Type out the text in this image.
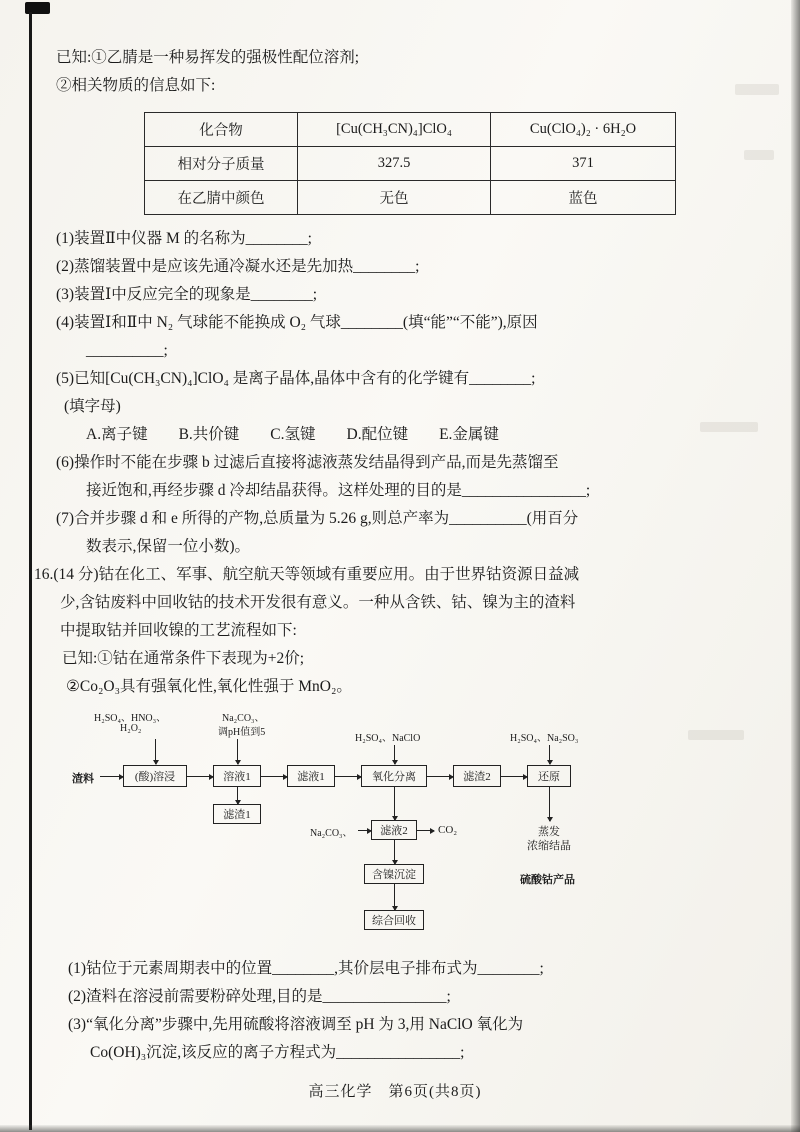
已知:①乙腈是一种易挥发的强极性配位溶剂;
②相关物质的信息如下:
化合物	[Cu(CH₃CN)₄]ClO₄	Cu(ClO₄)₂ · 6H₂O
相对分子质量	327.5	371
在乙腈中颜色	无色	蓝色
(1)装置Ⅱ中仪器 M 的名称为________;
(2)蒸馏装置中是应该先通冷凝水还是先加热________;
(3)装置Ⅰ中反应完全的现象是________;
(4)装置Ⅰ和Ⅱ中 N₂ 气球能不能换成 O₂ 气球________(填“能”“不能”),原因
__________;
(5)已知[Cu(CH₃CN)₄]ClO₄ 是离子晶体,晶体中含有的化学键有________;
(填字母)
A.离子键　　B.共价键　　C.氢键　　D.配位键　　E.金属键
(6)操作时不能在步骤 b 过滤后直接将滤液蒸发结晶得到产品,而是先蒸馏至
接近饱和,再经步骤 d 冷却结晶获得。这样处理的目的是________________;
(7)合并步骤 d 和 e 所得的产物,总质量为 5.26 g,则总产率为__________(用百分
数表示,保留一位小数)。
16.(14 分)钴在化工、军事、航空航天等领域有重要应用。由于世界钴资源日益减
少,含钴废料中回收钴的技术开发很有意义。一种从含铁、钴、镍为主的渣料
中提取钴并回收镍的工艺流程如下:
已知:①钴在通常条件下表现为+2价;
②Co₂O₃具有强氧化性,氧化性强于 MnO₂。
H₂SO₄、HNO₃、
H₂O₂
Na₂CO₃、
调pH值到5
H₂SO₄、NaClO	H₂SO₄、Na₂SO₃
渣料	(酸)溶浸	溶液1	滤液1	氧化分离	滤渣2	还原
滤渣1
Na₂CO₃、	滤液2	CO₂
含镍沉淀
综合回收
蒸发
浓缩结晶
硫酸钴产品
(1)钴位于元素周期表中的位置________,其价层电子排布式为________;
(2)渣料在溶浸前需要粉碎处理,目的是________________;
(3)“氧化分离”步骤中,先用硫酸将溶液调至 pH 为 3,用 NaClO 氧化为
Co(OH)₃沉淀,该反应的离子方程式为________________;
高三化学　第6页(共8页)
